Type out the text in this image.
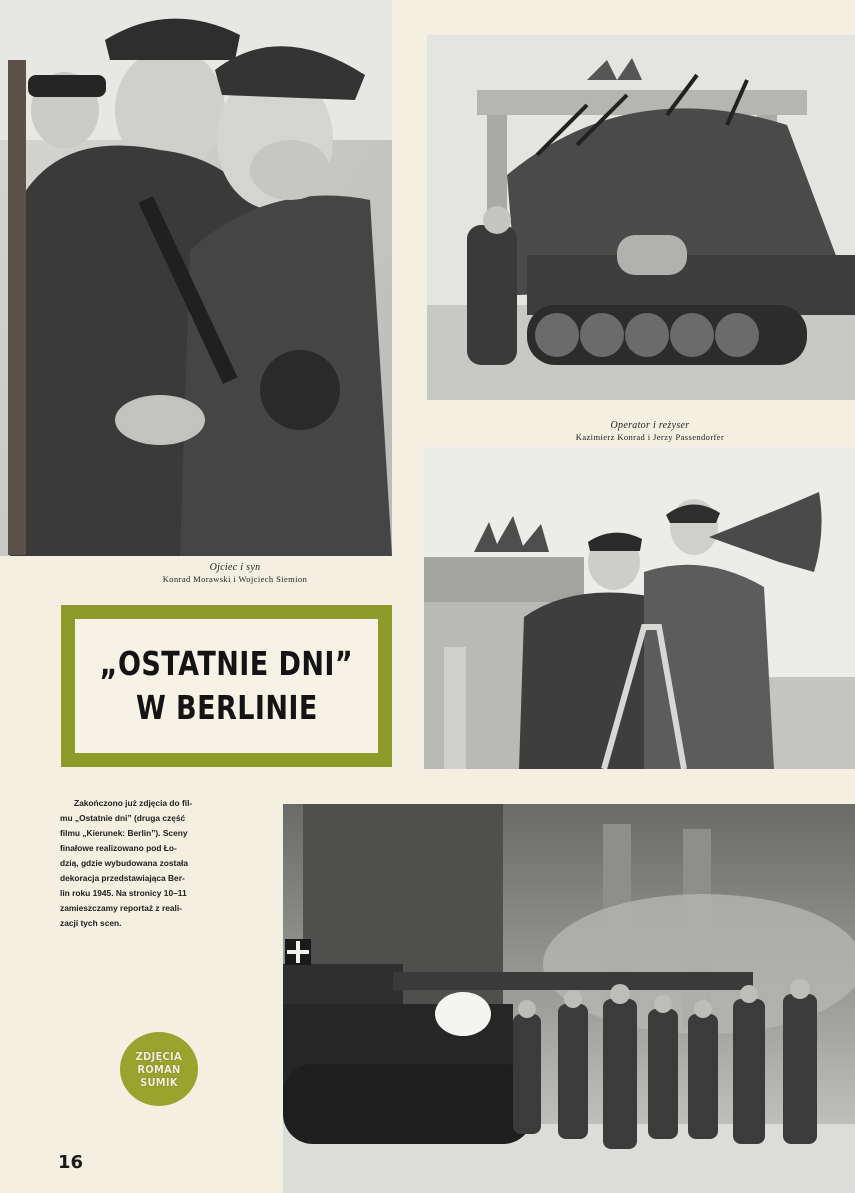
Operator i reżyser
Kazimierz Konrad i Jerzy Passendorfer
Ojciec i syn
Konrad Morawski i Wojciech Siemion
„OSTATNIE DNI”
W BERLINIE
Zakończono już zdjęcia do fil-
mu „Ostatnie dni” (druga część
filmu „Kierunek: Berlin”). Sceny
finałowe realizowano pod Ło-
dzią, gdzie wybudowana została
dekoracja przedstawiająca Ber-
lin roku 1945. Na stronicy 10–11
zamieszczamy reportaż z reali-
zacji tych scen.
ZDJĘCIA
ROMAN
SUMIK
16
